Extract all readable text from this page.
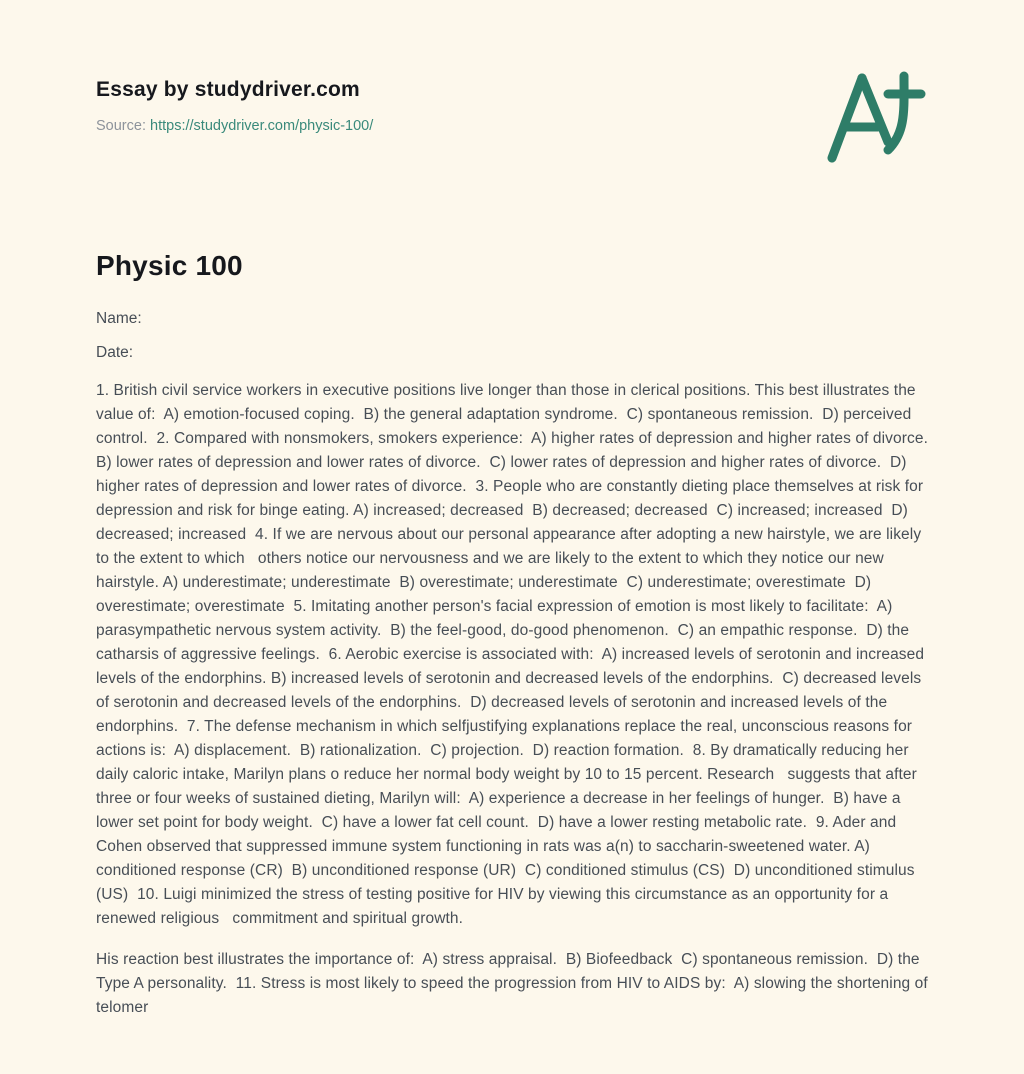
Essay by studydriver.com
Source: https://studydriver.com/physic-100/
Physic 100

Name:

Date:

1. British civil service workers in executive positions live longer than those in clerical positions. This best illustrates the value of:  A) emotion-focused coping.  B) the general adaptation syndrome.  C) spontaneous remission.  D) perceived control.  2. Compared with nonsmokers, smokers experience:  A) higher rates of depression and higher rates of divorce.  B) lower rates of depression and lower rates of divorce.  C) lower rates of depression and higher rates of divorce.  D) higher rates of depression and lower rates of divorce.  3. People who are constantly dieting place themselves at risk for depression and risk for binge eating. A) increased; decreased  B) decreased; decreased  C) increased; increased  D) decreased; increased  4. If we are nervous about our personal appearance after adopting a new hairstyle, we are likely to the extent to which   others notice our nervousness and we are likely to the extent to which they notice our new hairstyle. A) underestimate; underestimate  B) overestimate; underestimate  C) underestimate; overestimate  D) overestimate; overestimate  5. Imitating another person's facial expression of emotion is most likely to facilitate:  A) parasympathetic nervous system activity.  B) the feel-good, do-good phenomenon.  C) an empathic response.  D) the catharsis of aggressive feelings.  6. Aerobic exercise is associated with:  A) increased levels of serotonin and increased levels of the endorphins. B) increased levels of serotonin and decreased levels of the endorphins.  C) decreased levels of serotonin and decreased levels of the endorphins.  D) decreased levels of serotonin and increased levels of the endorphins.  7. The defense mechanism in which selfjustifying explanations replace the real, unconscious reasons for actions is:  A) displacement.  B) rationalization.  C) projection.  D) reaction formation.  8. By dramatically reducing her daily caloric intake, Marilyn plans o reduce her normal body weight by 10 to 15 percent. Research   suggests that after three or four weeks of sustained dieting, Marilyn will:  A) experience a decrease in her feelings of hunger.  B) have a lower set point for body weight.  C) have a lower fat cell count.  D) have a lower resting metabolic rate.  9. Ader and Cohen observed that suppressed immune system functioning in rats was a(n) to saccharin-sweetened water. A) conditioned response (CR)  B) unconditioned response (UR)  C) conditioned stimulus (CS)  D) unconditioned stimulus (US)  10. Luigi minimized the stress of testing positive for HIV by viewing this circumstance as an opportunity for a renewed religious   commitment and spiritual growth.

His reaction best illustrates the importance of:  A) stress appraisal.  B) Biofeedback  C) spontaneous remission.  D) the Type A personality.  11. Stress is most likely to speed the progression from HIV to AIDS by:  A) slowing the shortening of telomer
